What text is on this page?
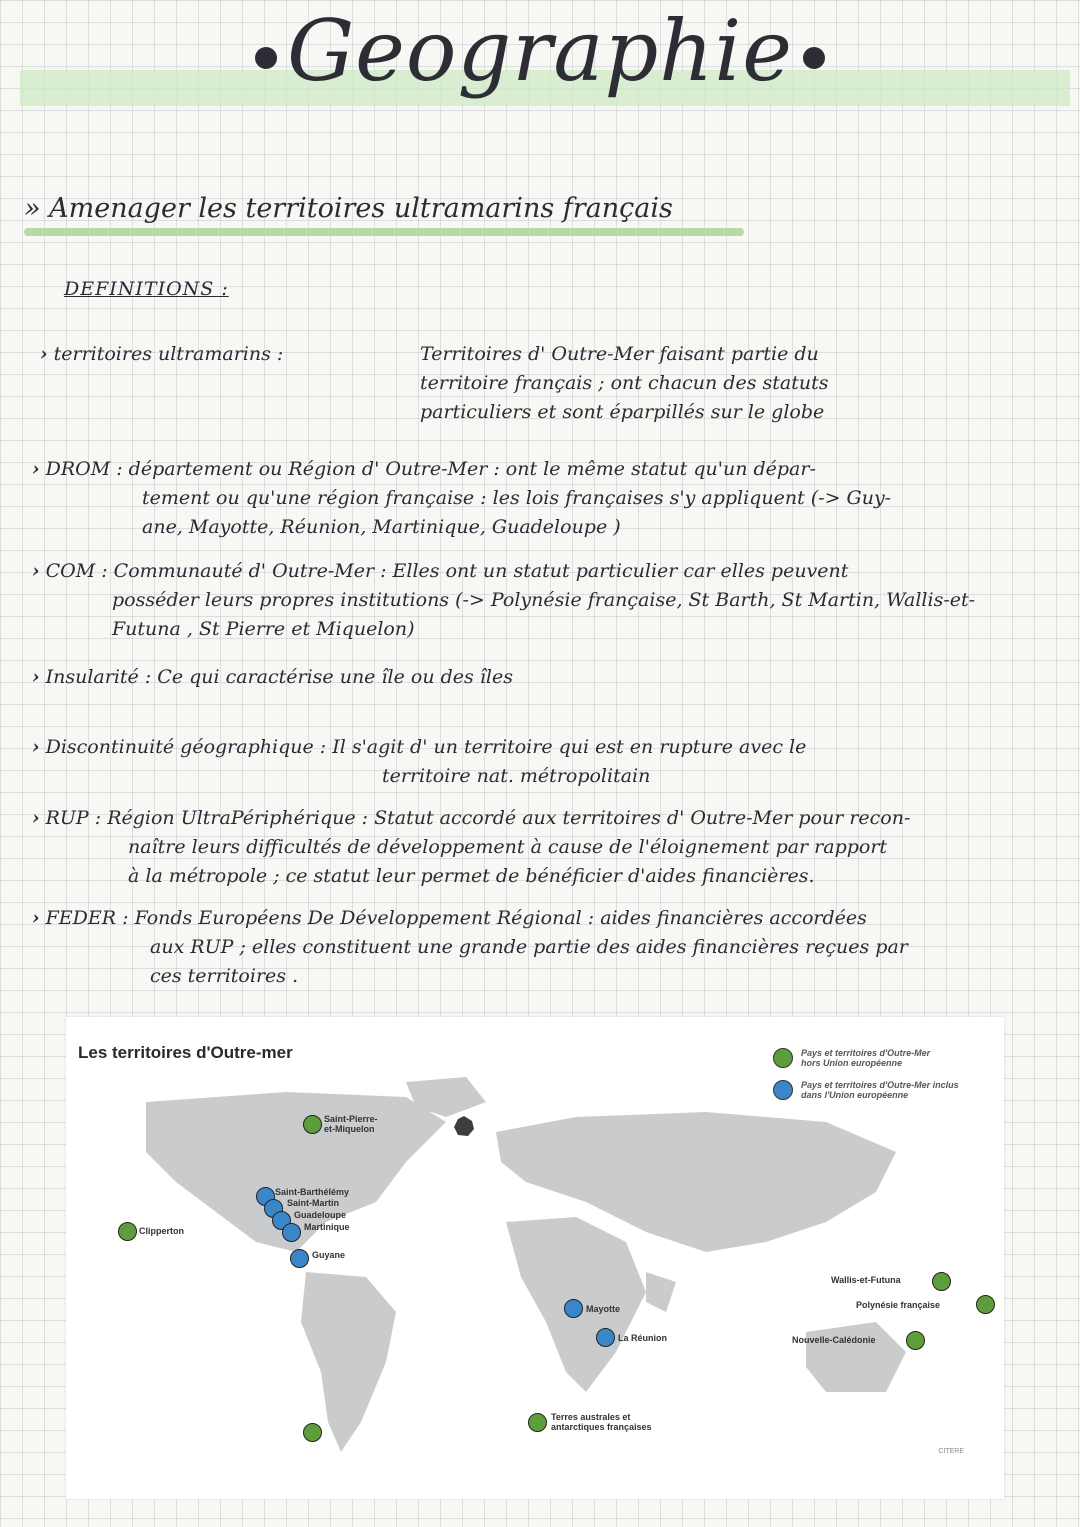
Geographie
» Amenager les territoires ultramarins français
DEFINITIONS :
› territoires ultramarins :	Territoires d' Outre-Mer faisant partie du
territoire français ; ont chacun des statuts
particuliers et sont éparpillés sur le globe
› DROM : département ou Région d' Outre-Mer : ont le même statut qu'un dépar-
tement ou qu'une région française : les lois françaises s'y appliquent (-> Guy-
ane, Mayotte, Réunion, Martinique, Guadeloupe )
› COM : Communauté d' Outre-Mer : Elles ont un statut particulier car elles peuvent
posséder leurs propres institutions (-> Polynésie française, St Barth, St Martin, Wallis-et-
Futuna , St Pierre et Miquelon)
› Insularité : Ce qui caractérise une île ou des îles
› Discontinuité géographique : Il s'agit d' un territoire qui est en rupture avec le
territoire nat. métropolitain
› RUP : Région UltraPériphérique : Statut accordé aux territoires d' Outre-Mer pour recon-
naître leurs difficultés de développement à cause de l'éloignement par rapport
à la métropole ; ce statut leur permet de bénéficier d'aides financières.
› FEDER : Fonds Européens De Développement Régional : aides financières accordées
aux RUP ; elles constituent une grande partie des aides financières reçues par
ces territoires .
Les territoires d'Outre-mer	Pays et territoires d'Outre-Mer hors Union européenne
Pays et territoires d'Outre-Mer inclus dans l'Union européenne
Saint-Pierre-et-Miquelon
Saint-Barthélémy
Saint-Martin
Guadeloupe
Martinique
Guyane
Clipperton
Mayotte
La Réunion
Terres australes et antarctiques françaises
Wallis-et-Futuna
Polynésie française
Nouvelle-Calédonie
CITERE
